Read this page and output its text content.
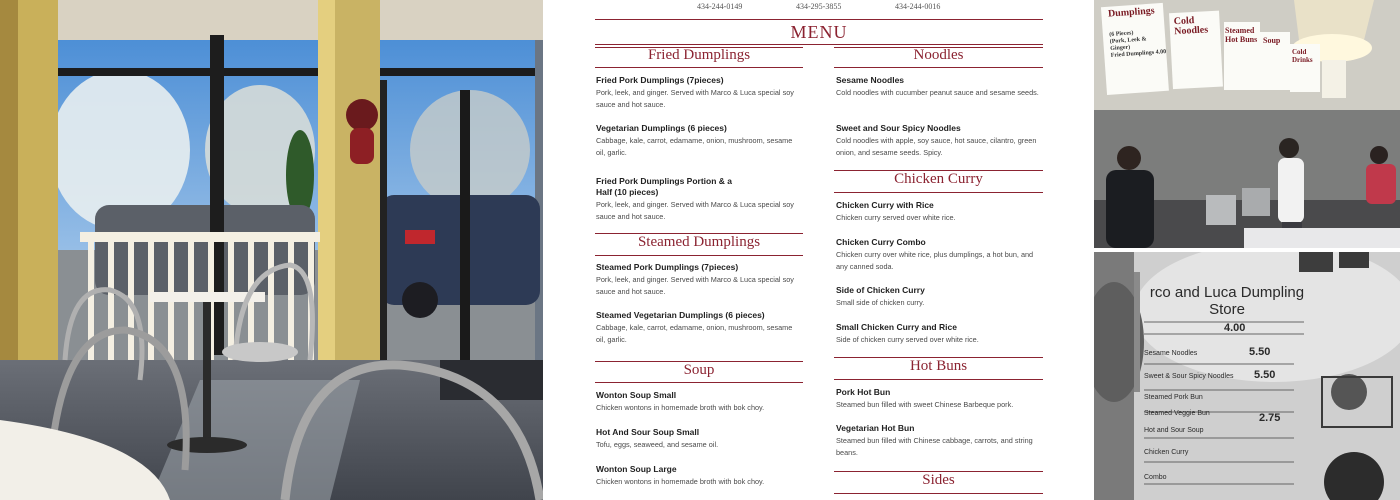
434-244-0149	434-295-3855	434-244-0016
MENU
Fried Dumplings
Fried Pork Dumplings (7pieces)
Pork, leek, and ginger. Served with Marco & Luca special soy sauce and hot sauce.
Vegetarian Dumplings (6 pieces)
Cabbage, kale, carrot, edamame, onion, mushroom, sesame oil, garlic.
Fried Pork Dumplings Portion & a Half (10 pieces)
Pork, leek, and ginger. Served with Marco & Luca special soy sauce and hot sauce.
Steamed Dumplings
Steamed Pork Dumplings (7pieces)
Pork, leek, and ginger. Served with Marco & Luca special soy sauce and hot sauce.
Steamed Vegetarian Dumplings (6 pieces)
Cabbage, kale, carrot, edamame, onion, mushroom, sesame oil, garlic.
Soup
Wonton Soup Small
Chicken wontons in homemade broth with bok choy.
Hot And Sour Soup Small
Tofu, eggs, seaweed, and sesame oil.
Wonton Soup Large
Chicken wontons in homemade broth with bok choy.
Noodles
Sesame Noodles
Cold noodles with cucumber peanut sauce and sesame seeds.
Sweet and Sour Spicy Noodles
Cold noodles with apple, soy sauce, hot sauce, cilantro, green onion, and sesame seeds. Spicy.
Chicken Curry
Chicken Curry with Rice
Chicken curry served over white rice.
Chicken Curry Combo
Chicken curry over white rice, plus dumplings, a hot bun, and any canned soda.
Side of Chicken Curry
Small side of chicken curry.
Small Chicken Curry and Rice
Side of chicken curry served over white rice.
Hot Buns
Pork Hot Bun
Steamed bun filled with sweet Chinese Barbeque pork.
Vegetarian Hot Bun
Steamed bun filled with Chinese cabbage, carrots, and string beans.
Sides
Dumplings
(6 Pieces)
(Pork, Leek & Ginger)
Fried Dumplings 4.00
Cold Noodles	Steamed Hot Buns Soup
Cold Drinks
rco and Luca Dumpling Store
4.00
Sesame Noodles	5.50
Sweet & Sour Spicy Noodles 5.50
Steamed Pork Bun
Steamed Veggie Bun	2.75
Hot and Sour Soup
Chicken Curry
Combo
